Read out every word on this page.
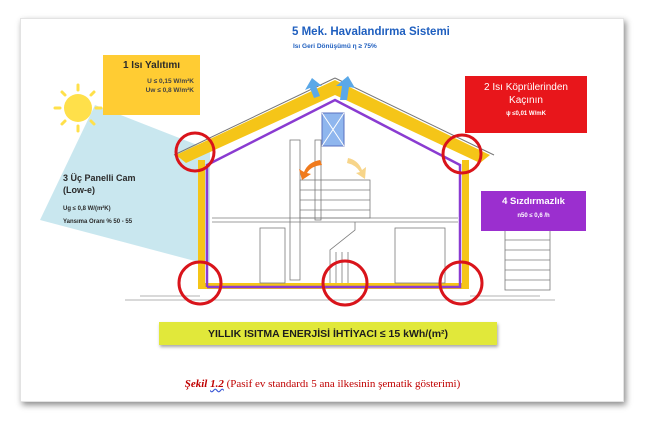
5 Mek. Havalandırma Sistemi
Isı Geri Dönüşümü η ≥ 75%
1 Isı Yalıtımı
U ≤ 0,15 W/m²K
Uw ≤ 0,8 W/m²K	2 Isı Köprülerinden
Kaçının
ψ ≤0,01 W/mK
3 Üç Panelli Cam
(Low-e)
Ug ≤ 0,8 W/(m²K)
Yansıma Oranı % 50 - 55
4 Sızdırmazlık
n50 ≤ 0,6 /h
YILLIK ISITMA ENERJİSİ İHTİYACI ≤ 15 kWh/(m²)
Şekil 1.2 (Pasif ev standardı 5 ana ilkesinin şematik gösterimi)
